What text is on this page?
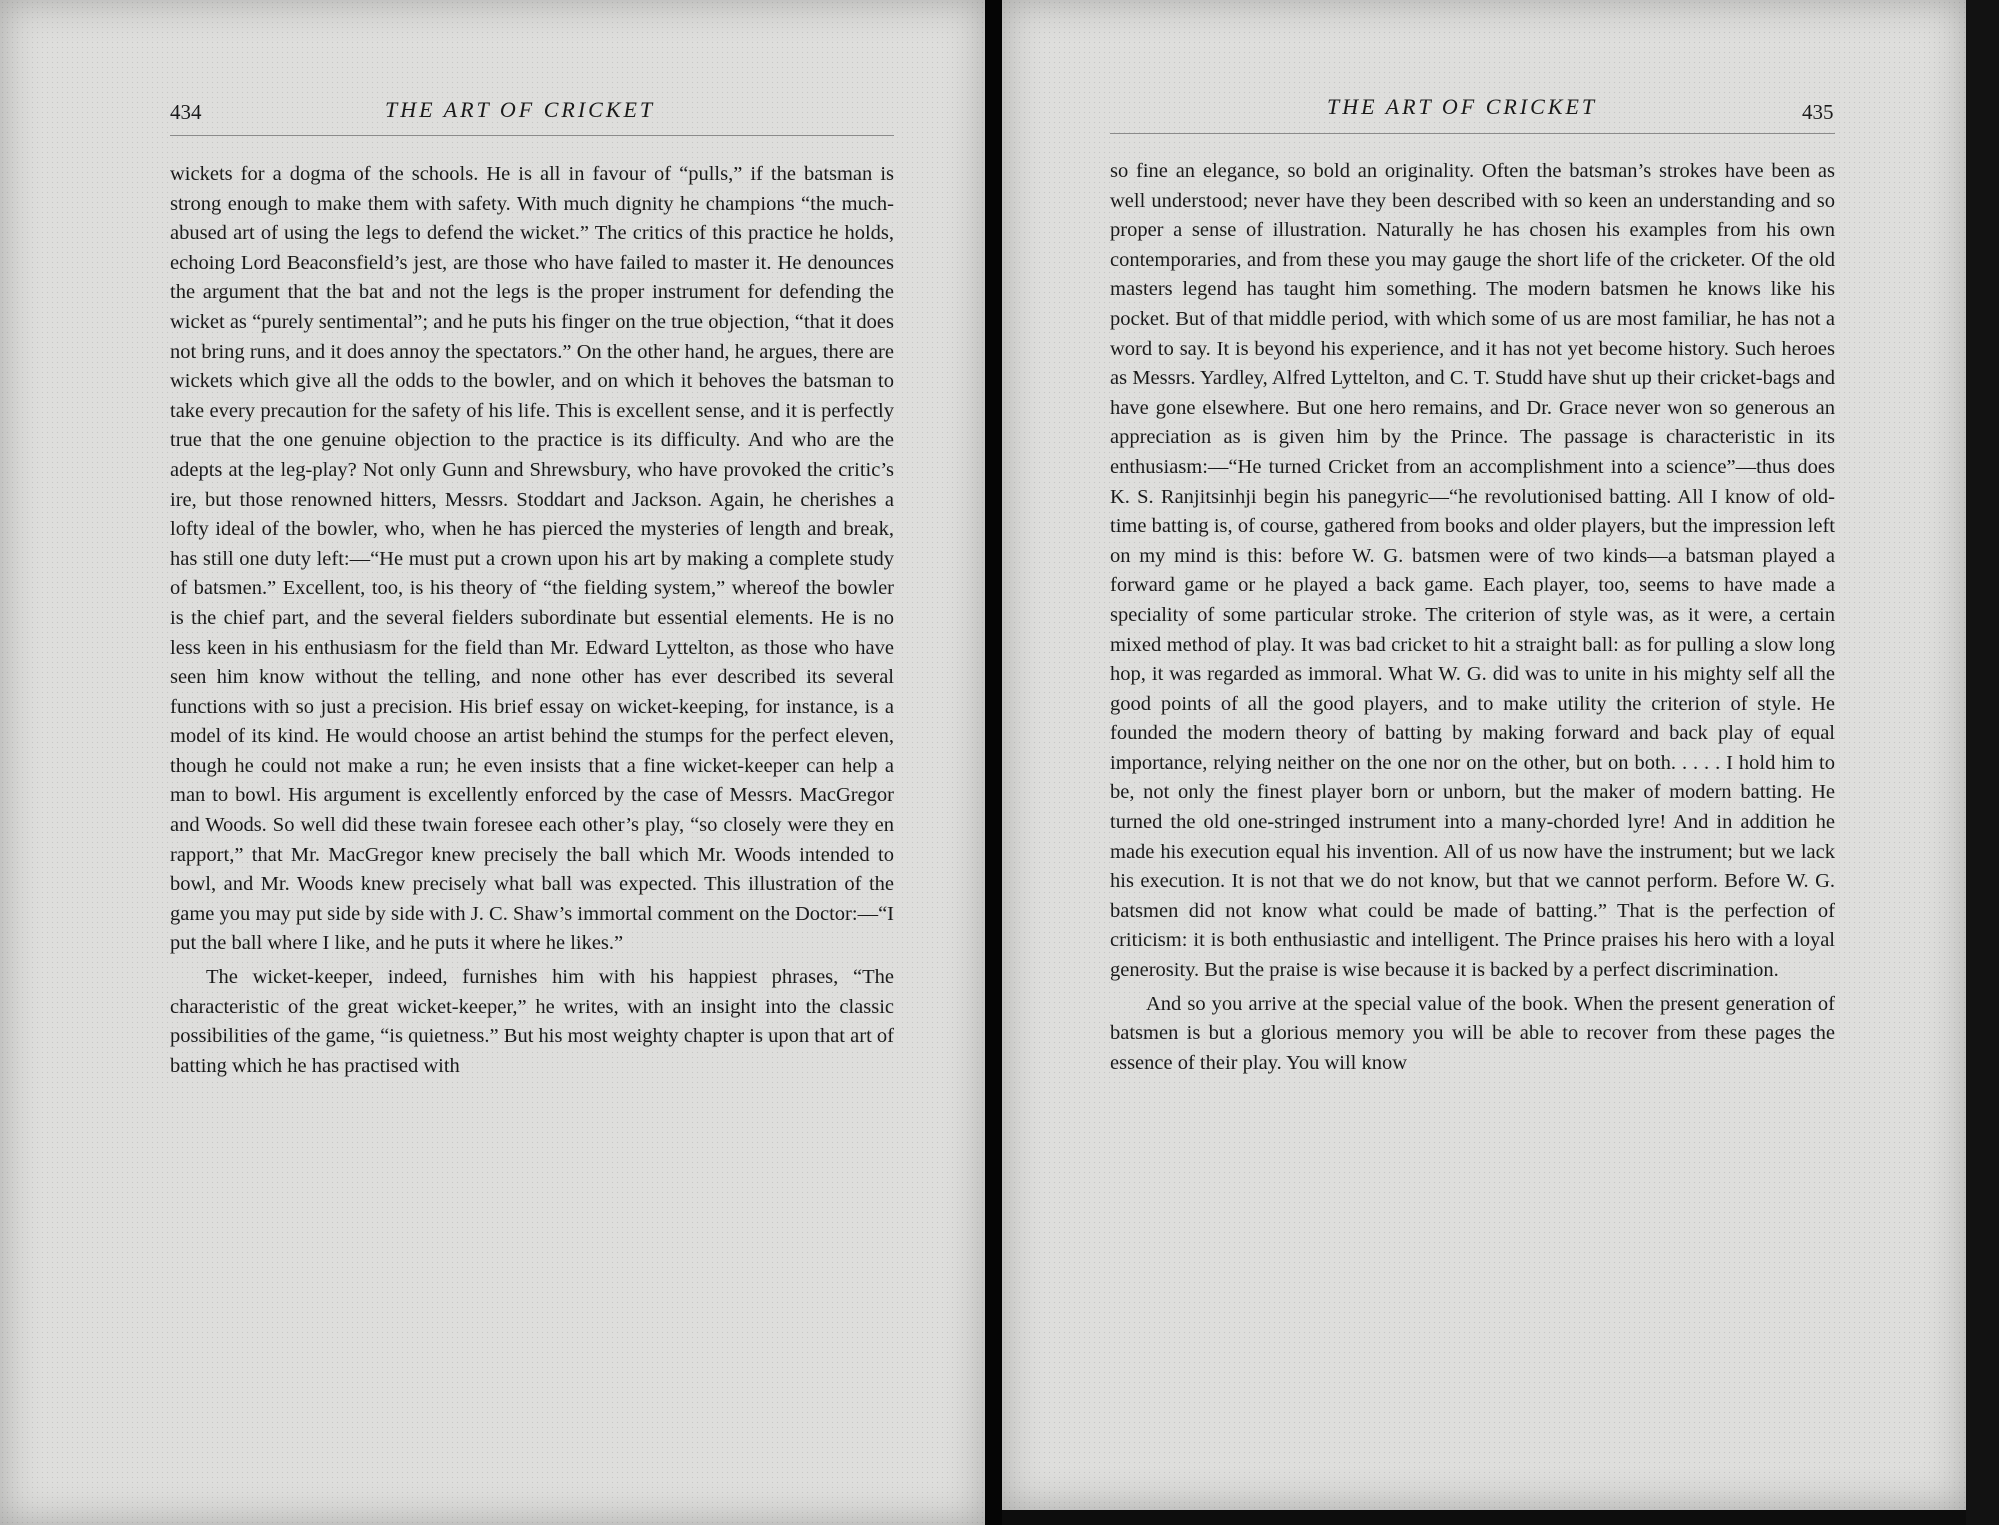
434	THE ART OF CRICKET

wickets for a dogma of the schools. He is all in favour of “pulls,” if the batsman is strong enough to make them with safety. With much dignity he champions “the much-abused art of using the legs to defend the wicket.” The critics of this practice he holds, echoing Lord Beaconsfield’s jest, are those who have failed to master it. He denounces the argument that the bat and not the legs is the proper instrument for defending the wicket as “purely sentimental”; and he puts his finger on the true objection, “that it does not bring runs, and it does annoy the spectators.” On the other hand, he argues, there are wickets which give all the odds to the bowler, and on which it behoves the batsman to take every precaution for the safety of his life. This is excellent sense, and it is perfectly true that the one genuine objection to the practice is its difficulty. And who are the adepts at the leg-play? Not only Gunn and Shrewsbury, who have provoked the critic’s ire, but those renowned hitters, Messrs. Stoddart and Jackson. Again, he cherishes a lofty ideal of the bowler, who, when he has pierced the mysteries of length and break, has still one duty left:—“He must put a crown upon his art by making a complete study of batsmen.” Excellent, too, is his theory of “the fielding system,” whereof the bowler is the chief part, and the several fielders subordinate but essential elements. He is no less keen in his enthusiasm for the field than Mr. Edward Lyttelton, as those who have seen him know without the telling, and none other has ever described its several functions with so just a precision. His brief essay on wicket-keeping, for instance, is a model of its kind. He would choose an artist behind the stumps for the perfect eleven, though he could not make a run; he even insists that a fine wicket-keeper can help a man to bowl. His argument is excellently enforced by the case of Messrs. MacGregor and Woods. So well did these twain foresee each other’s play, “so closely were they en rapport,” that Mr. MacGregor knew precisely the ball which Mr. Woods intended to bowl, and Mr. Woods knew precisely what ball was expected. This illustration of the game you may put side by side with J. C. Shaw’s immortal comment on the Doctor:—“I put the ball where I like, and he puts it where he likes.”

The wicket-keeper, indeed, furnishes him with his happiest phrases, “The characteristic of the great wicket-keeper,” he writes, with an insight into the classic possibilities of the game, “is quietness.” But his most weighty chapter is upon that art of batting which he has practised with

THE ART OF CRICKET	435

so fine an elegance, so bold an originality. Often the batsman’s strokes have been as well understood; never have they been described with so keen an understanding and so proper a sense of illustration. Naturally he has chosen his examples from his own contemporaries, and from these you may gauge the short life of the cricketer. Of the old masters legend has taught him something. The modern batsmen he knows like his pocket. But of that middle period, with which some of us are most familiar, he has not a word to say. It is beyond his experience, and it has not yet become history. Such heroes as Messrs. Yardley, Alfred Lyttelton, and C. T. Studd have shut up their cricket-bags and have gone elsewhere. But one hero remains, and Dr. Grace never won so generous an appreciation as is given him by the Prince. The passage is characteristic in its enthusiasm:—“He turned Cricket from an accomplishment into a science”—thus does K. S. Ranjitsinhji begin his panegyric—“he revolutionised batting. All I know of old-time batting is, of course, gathered from books and older players, but the impression left on my mind is this: before W. G. batsmen were of two kinds—a batsman played a forward game or he played a back game. Each player, too, seems to have made a speciality of some particular stroke. The criterion of style was, as it were, a certain mixed method of play. It was bad cricket to hit a straight ball: as for pulling a slow long hop, it was regarded as immoral. What W. G. did was to unite in his mighty self all the good points of all the good players, and to make utility the criterion of style. He founded the modern theory of batting by making forward and back play of equal importance, relying neither on the one nor on the other, but on both. . . . . I hold him to be, not only the finest player born or unborn, but the maker of modern batting. He turned the old one-stringed instrument into a many-chorded lyre! And in addition he made his execution equal his invention. All of us now have the instrument; but we lack his execution. It is not that we do not know, but that we cannot perform. Before W. G. batsmen did not know what could be made of batting.” That is the perfection of criticism: it is both enthusiastic and intelligent. The Prince praises his hero with a loyal generosity. But the praise is wise because it is backed by a perfect discrimination.

And so you arrive at the special value of the book. When the present generation of batsmen is but a glorious memory you will be able to recover from these pages the essence of their play. You will know
